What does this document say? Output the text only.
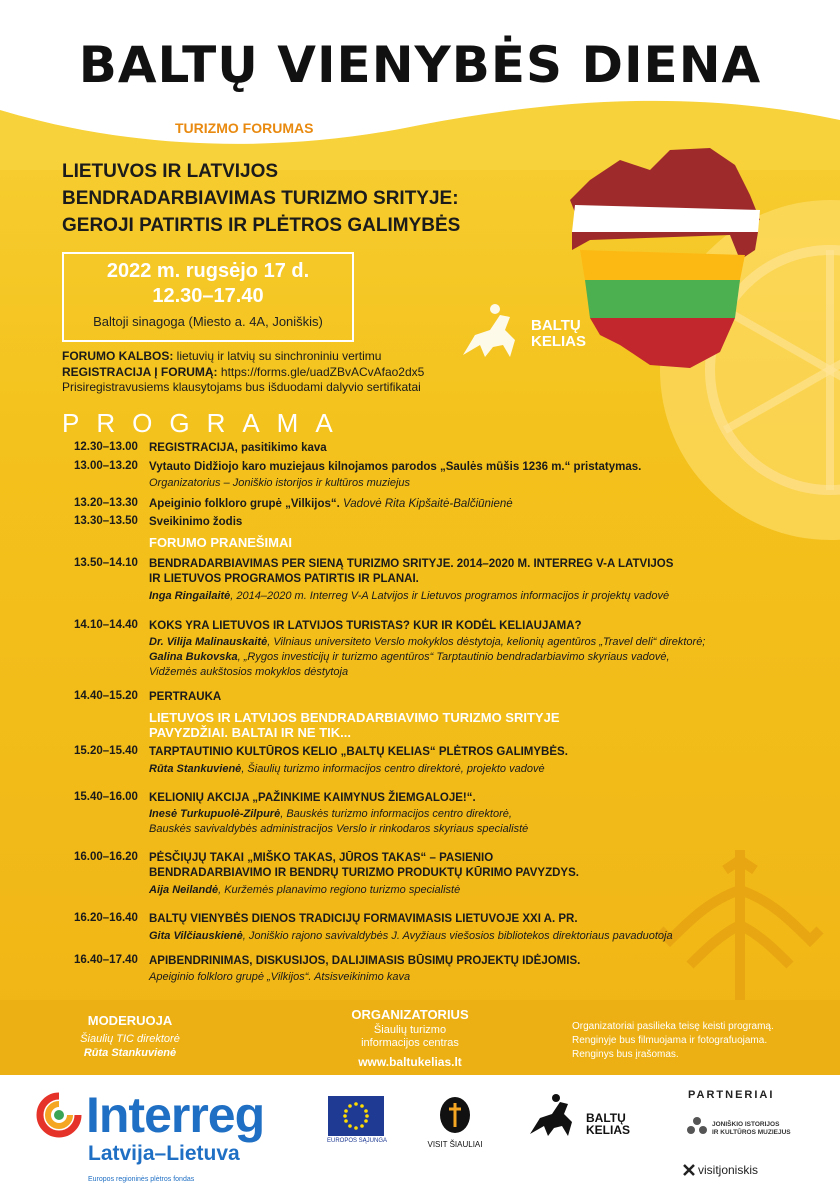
BALTŲ
KELIAS
BALTŲ VIENYBĖS DIENA
TURIZMO FORUMAS
LIETUVOS IR LATVIJOS
BENDRADARBIAVIMAS TURIZMO SRITYJE:
GEROJI PATIRTIS IR PLĖTROS GALIMYBĖS
2022 m. rugsėjo 17 d.
12.30–17.40
Baltoji sinagoga (Miesto a. 4A, Joniškis)
FORUMO KALBOS: lietuvių ir latvių su sinchroniniu vertimu
REGISTRACIJA Į FORUMĄ: https://forms.gle/uadZBvACvAfao2dx5
Prisiregistravusiems klausytojams bus išduodami dalyvio sertifikatai
PROGRAMA
12.30–13.00 REGISTRACIJA, pasitikimo kava
13.00–13.20 Vytauto Didžiojo karo muziejaus kilnojamos parodos „Saulės mūšis 1236 m.“ pristatymas.
Organizatorius – Joniškio istorijos ir kultūros muziejus
13.20–13.30 Apeiginio folkloro grupė „Vilkijos“. Vadovė Rita Kipšaitė-Balčiūnienė
13.30–13.50 Sveikinimo žodis
FORUMO PRANEŠIMAI
13.50–14.10 BENDRADARBIAVIMAS PER SIENĄ TURIZMO SRITYJE. 2014–2020 M. INTERREG V-A LATVIJOS
IR LIETUVOS PROGRAMOS PATIRTIS IR PLANAI.
Inga Ringailaitė, 2014–2020 m. Interreg V-A Latvijos ir Lietuvos programos informacijos ir projektų vadovė
14.10–14.40 KOKS YRA LIETUVOS IR LATVIJOS TURISTAS? KUR IR KODĖL KELIAUJAMA?
Dr. Vilija Malinauskaitė, Vilniaus universiteto Verslo mokyklos dėstytoja, kelionių agentūros „Travel deli“ direktorė;
Galina Bukovska, „Rygos investicijų ir turizmo agentūros“ Tarptautinio bendradarbiavimo skyriaus vadovė,
Vidžemės aukštosios mokyklos dėstytoja
14.40–15.20 PERTRAUKA
LIETUVOS IR LATVIJOS BENDRADARBIAVIMO TURIZMO SRITYJE
PAVYZDŽIAI. BALTAI IR NE TIK...
15.20–15.40 TARPTAUTINIO KULTŪROS KELIO „BALTŲ KELIAS“ PLĖTROS GALIMYBĖS.
Rūta Stankuvienė, Šiaulių turizmo informacijos centro direktorė, projekto vadovė
15.40–16.00 KELIONIŲ AKCIJA „PAŽINKIME KAIMYNUS ŽIEMGALOJE!“.
Inesė Turkupuolė-Zilpurė, Bauskės turizmo informacijos centro direktorė,
Bauskės savivaldybės administracijos Verslo ir rinkodaros skyriaus specialistė
16.00–16.20 PĖSČIŲJŲ TAKAI „MIŠKO TAKAS, JŪROS TAKAS“ – PASIENIO
BENDRADARBIAVIMO IR BENDRŲ TURIZMO PRODUKTŲ KŪRIMO PAVYZDYS.
Aija Neilandė, Kuržemės planavimo regiono turizmo specialistė
16.20–16.40 BALTŲ VIENYBĖS DIENOS TRADICIJŲ FORMAVIMASIS LIETUVOJE XXI A. PR.
Gita Vilčiauskienė, Joniškio rajono savivaldybės J. Avyžiaus viešosios bibliotekos direktoriaus pavaduotoja
16.40–17.40 APIBENDRINIMAS, DISKUSIJOS, DALIJIMASIS BŪSIMŲ PROJEKTŲ IDĖJOMIS.
Apeiginio folkloro grupė „Vilkijos“. Atsisveikinimo kava
MODERUOJA
Šiaulių TIC direktorė
Rūta Stankuvienė
ORGANIZATORIUS
Šiaulių turizmo
informacijos centras
www.baltukelias.lt
Organizatoriai pasilieka teisę keisti programą.
Renginyje bus filmuojama ir fotografuojama.
Renginys bus įrašomas.
Interreg
Latvija–Lietuva
Europos regioninės plėtros fondas
EUROPOS SĄJUNGA	VISIT ŠIAULIAI
BALTŲ
KELIAS
PARTNERIAI
JONIŠKIO ISTORIJOS
IR KULTŪROS MUZIEJUS
visitjoniskis
